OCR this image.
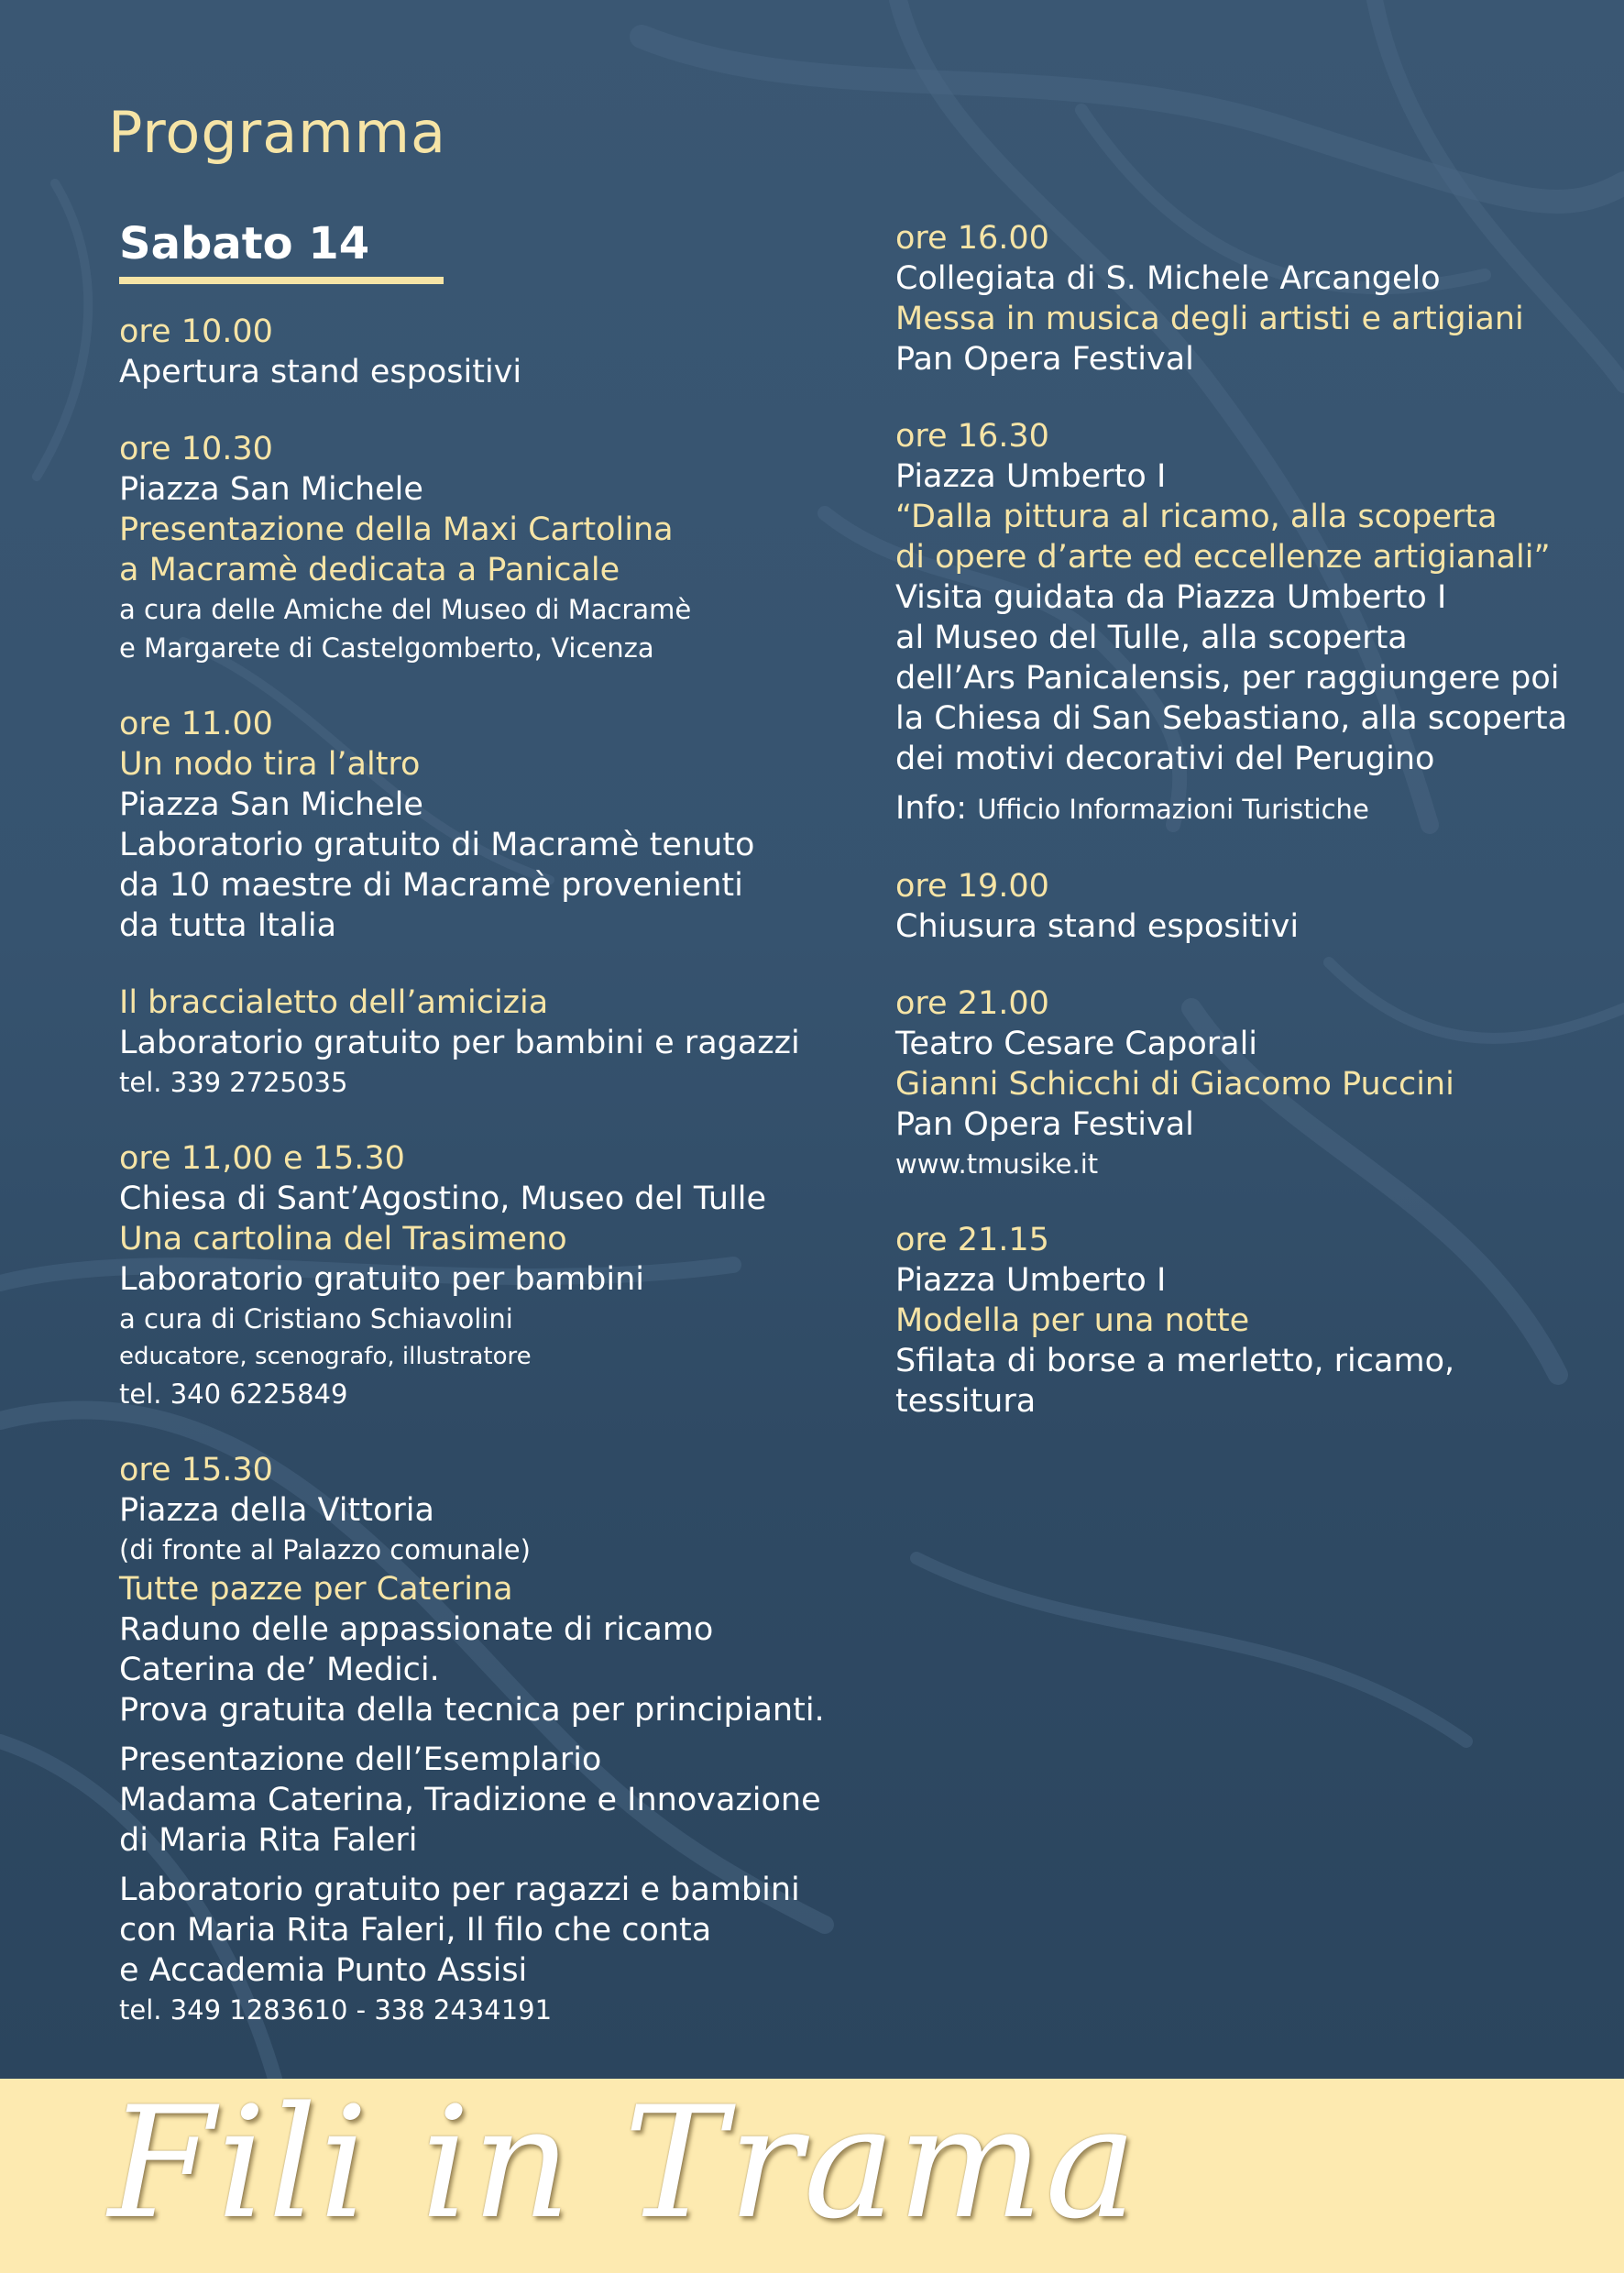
Programma
Sabato 14
ore 10.00
Apertura stand espositivi
ore 10.30
Piazza San Michele
Presentazione della Maxi Cartolina
a Macramè dedicata a Panicale
a cura delle Amiche del Museo di Macramè
e Margarete di Castelgomberto, Vicenza
ore 11.00
Un nodo tira l’altro
Piazza San Michele
Laboratorio gratuito di Macramè tenuto
da 10 maestre di Macramè provenienti
da tutta Italia
Il braccialetto dell’amicizia
Laboratorio gratuito per bambini e ragazzi
tel. 339 2725035
ore 11,00 e 15.30
Chiesa di Sant’Agostino, Museo del Tulle
Una cartolina del Trasimeno
Laboratorio gratuito per bambini
a cura di Cristiano Schiavolini
educatore, scenografo, illustratore
tel. 340 6225849
ore 15.30
Piazza della Vittoria
(di fronte al Palazzo comunale)
Tutte pazze per Caterina
Raduno delle appassionate di ricamo
Caterina de’ Medici.
Prova gratuita della tecnica per principianti.
Presentazione dell’Esemplario
Madama Caterina, Tradizione e Innovazione
di Maria Rita Faleri
Laboratorio gratuito per ragazzi e bambini
con Maria Rita Faleri, Il filo che conta
e Accademia Punto Assisi
tel. 349 1283610 - 338 2434191
ore 16.00
Collegiata di S. Michele Arcangelo
Messa in musica degli artisti e artigiani
Pan Opera Festival
ore 16.30
Piazza Umberto I
“Dalla pittura al ricamo, alla scoperta
di opere d’arte ed eccellenze artigianali”
Visita guidata da Piazza Umberto I
al Museo del Tulle, alla scoperta
dell’Ars Panicalensis, per raggiungere poi
la Chiesa di San Sebastiano, alla scoperta
dei motivi decorativi del Perugino
Info: Ufficio Informazioni Turistiche
ore 19.00
Chiusura stand espositivi
ore 21.00
Teatro Cesare Caporali
Gianni Schicchi di Giacomo Puccini
Pan Opera Festival
www.tmusike.it
ore 21.15
Piazza Umberto I
Modella per una notte
Sfilata di borse a merletto, ricamo, tessitura
Fili in Trama
